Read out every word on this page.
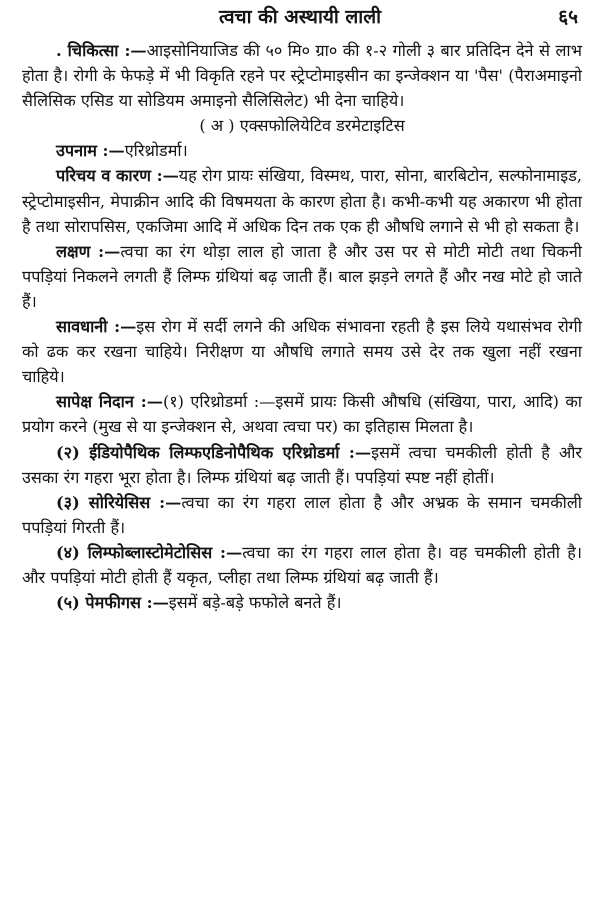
त्वचा की अस्थायी लाली	६५

. चिकित्सा :—आइसोनियाजिड की ५० मि० ग्रा० की १-२ गोली ३ बार प्रतिदिन देने से लाभ होता है। रोगी के फेफड़े में भी विकृति रहने पर स्ट्रेप्टोमाइसीन का इन्जेक्शन या 'पैस' (पैराअमाइनो सैलिसिक एसिड या सोडियम अमाइनो सैलिसिलेट) भी देना चाहिये।

( अ ) एक्सफोलियेटिव डरमेटाइटिस

उपनाम :—एरिथ्रोडर्मा।

परिचय व कारण :—यह रोग प्रायः संखिया, विस्मथ, पारा, सोना, बारबिटोन, सल्फोनामाइड, स्ट्रेप्टोमाइसीन, मेपाक्रीन आदि की विषमयता के कारण होता है। कभी-कभी यह अकारण भी होता है तथा सोरापसिस, एकजिमा आदि में अधिक दिन तक एक ही औषधि लगाने से भी हो सकता है।

लक्षण :—त्वचा का रंग थोड़ा लाल हो जाता है और उस पर से मोटी मोटी तथा चिकनी पपड़ियां निकलने लगती हैं लिम्फ ग्रंथियां बढ़ जाती हैं। बाल झड़ने लगते हैं और नख मोटे हो जाते हैं।

सावधानी :—इस रोग में सर्दी लगने की अधिक संभावना रहती है इस लिये यथासंभव रोगी को ढक कर रखना चाहिये। निरीक्षण या औषधि लगाते समय उसे देर तक खुला नहीं रखना चाहिये।

सापेक्ष निदान :—(१) एरिथ्रोडर्मा :—इसमें प्रायः किसी औषधि (संखिया, पारा, आदि) का प्रयोग करने (मुख से या इन्जेक्शन से, अथवा त्वचा पर) का इतिहास मिलता है।

(२) ईडियोपैथिक लिम्फएडिनोपैथिक एरिथ्रोडर्मा :—इसमें त्वचा चमकीली होती है और उसका रंग गहरा भूरा होता है। लिम्फ ग्रंथियां बढ़ जाती हैं। पपड़ियां स्पष्ट नहीं होतीं।

(३) सोरियेसिस :—त्वचा का रंग गहरा लाल होता है और अभ्रक के समान चमकीली पपड़ियां गिरती हैं।

(४) लिम्फोब्लास्टोमेटोसिस :—त्वचा का रंग गहरा लाल होता है। वह चमकीली होती है। और पपड़ियां मोटी होती हैं यकृत, प्लीहा तथा लिम्फ ग्रंथियां बढ़ जाती हैं।

(५) पेमफीगस :—इसमें बड़े-बड़े फफोले बनते हैं।
